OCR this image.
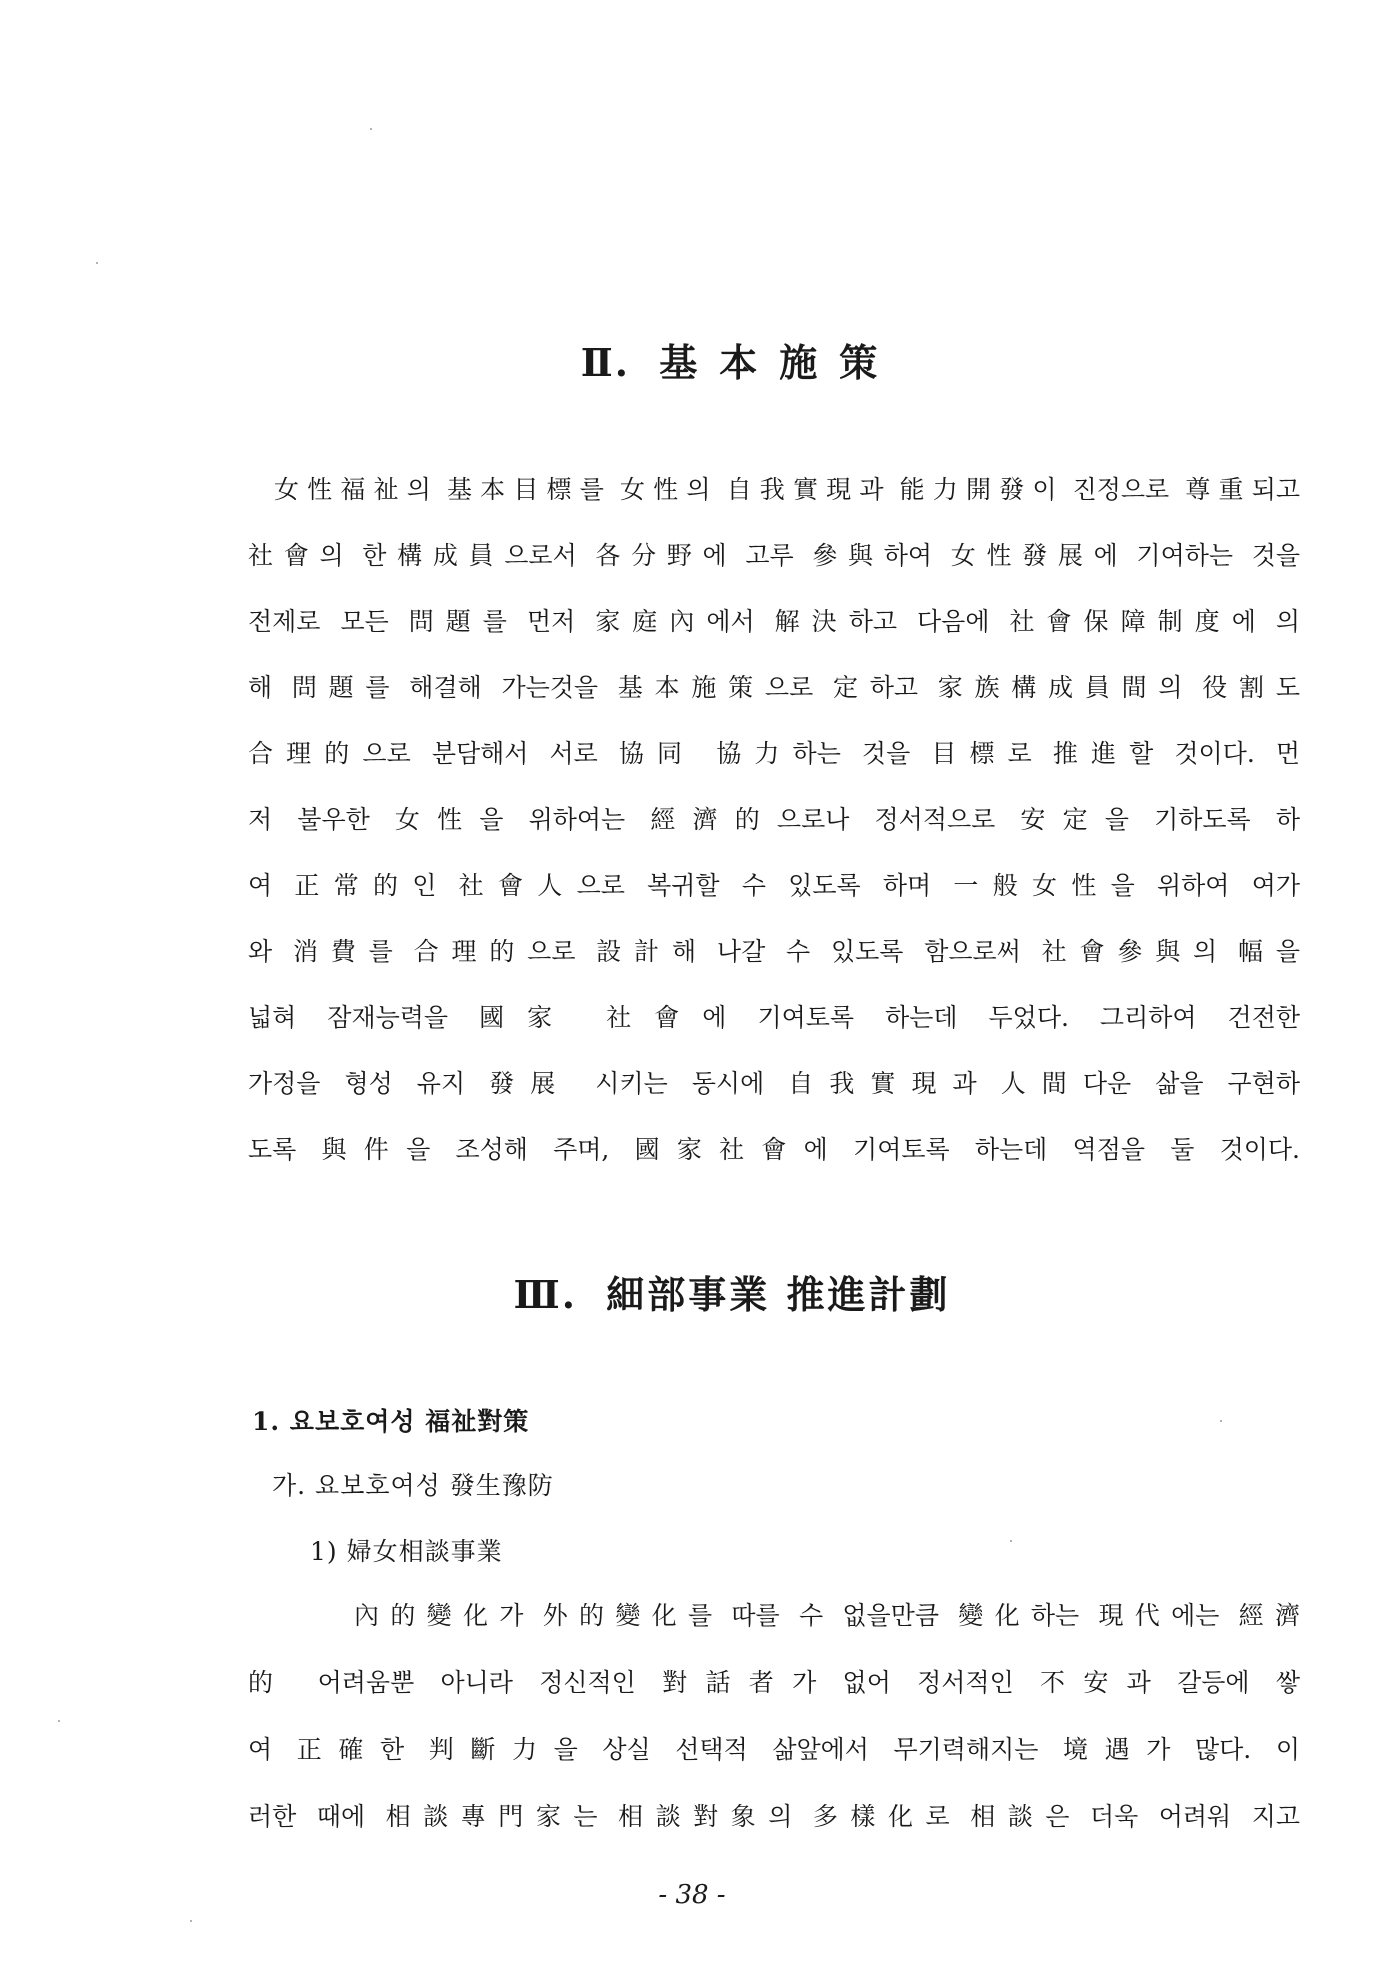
Ⅱ. 基本施策
女性福祉의 基本目標를 女性의 自我實現과 能力開發이 진정으로 尊重되고
社會의 한構成員으로서 各分野에 고루 參與하여 女性發展에 기여하는 것을
전제로 모든 問題를 먼저 家庭內에서 解決하고 다음에 社會保障制度에 의
해 問題를 해결해 가는것을 基本施策으로 定하고 家族構成員間의 役割도
合理的으로 분담해서 서로 協同 協力하는 것을 目標로 推進할 것이다. 먼
저 불우한 女性을 위하여는 經濟的으로나 정서적으로 安定을 기하도록 하
여 正常的인 社會人으로 복귀할 수 있도록 하며 一般女性을 위하여 여가
와 消費를 合理的으로 設計해 나갈 수 있도록 함으로써 社會參與의 幅을
넓혀 잠재능력을 國家 社會에 기여토록 하는데 두었다. 그리하여 건전한
가정을 형성 유지 發展 시키는 동시에 自我實現과 人間다운 삶을 구현하
도록 與件을 조성해 주며, 國家社會에 기여토록 하는데 역점을 둘 것이다.
Ⅲ. 細部事業 推進計劃
1. 요보호여성 福祉對策
가. 요보호여성 發生豫防
1) 婦女相談事業
內的變化가 外的變化를 따를 수 없을만큼 變化하는 現代에는 經濟
的 어려움뿐 아니라 정신적인 對話者가 없어 정서적인 不安과 갈등에 쌓
여 正確한 判斷力을 상실 선택적 삶앞에서 무기력해지는 境遇가 많다. 이
러한 때에 相談專門家는 相談對象의 多樣化로 相談은 더욱 어려워 지고
- 38 -
